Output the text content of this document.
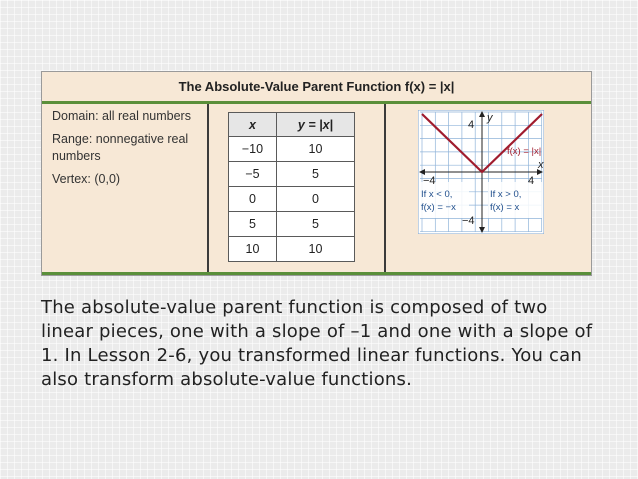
The Absolute-Value Parent Function f(x) = |x|

Domain: all real numbers

Range: nonnegative real numbers

Vertex: (0,0)

x	y = |x|
−10	10
−5	5
0	0
5	5
10	10
y
x
4
−4
−4	4
f(x) = |x|
If x < 0,
f(x) = −x
If x > 0,
f(x) = x
The absolute-value parent function is composed of two linear pieces, one with a slope of –1 and one with a slope of 1. In Lesson 2-6, you transformed linear functions. You can also transform absolute-value functions.
